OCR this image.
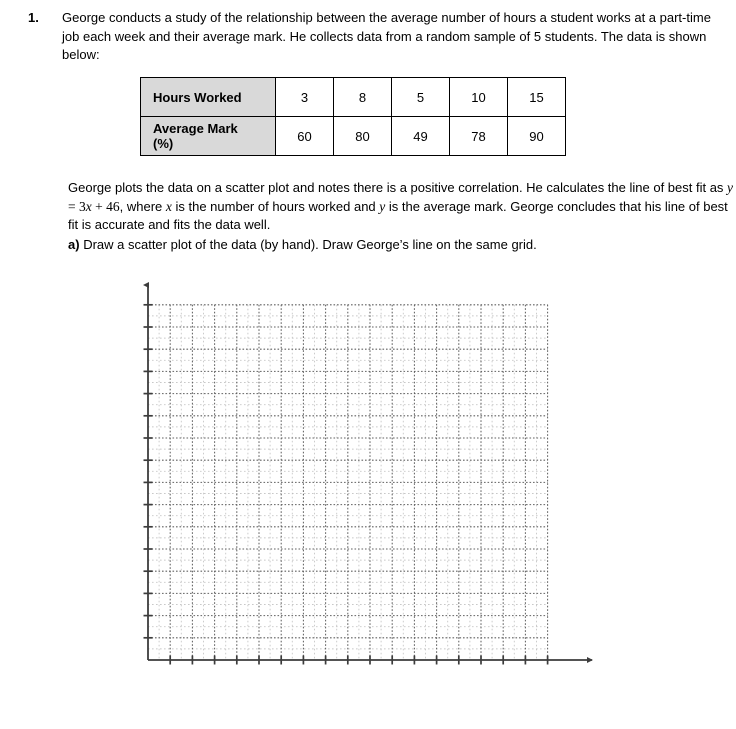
1.	George conducts a study of the relationship between the average number of hours a student works at a part-time job each week and their average mark. He collects data from a random sample of 5 students. The data is shown below:
Hours Worked	3	8	5	10	15
Average Mark
(%)	60	80	49	78	90

George plots the data on a scatter plot and notes there is a positive correlation. He calculates the line of best fit as y = 3x + 46, where x is the number of hours worked and y is the average mark. George concludes that his line of best fit is accurate and fits the data well.

a) Draw a scatter plot of the data (by hand). Draw George’s line on the same grid.
